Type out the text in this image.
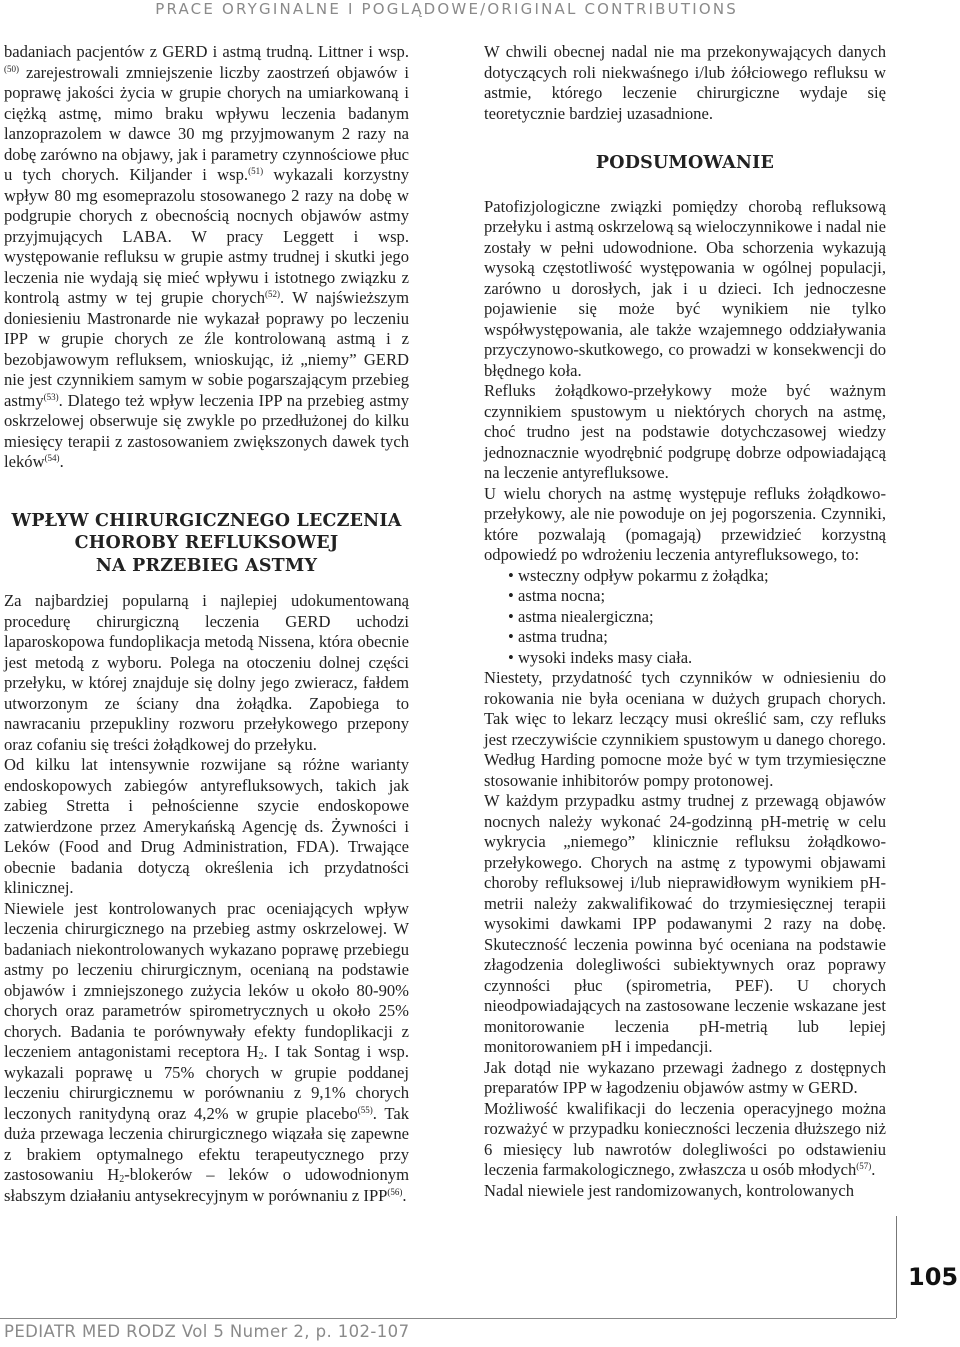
PRACE ORYGINALNE I POGLĄDOWE/ORIGINAL CONTRIBUTIONS

badaniach pacjentów z GERD i astmą trudną. Littner i wsp. $^{(50)}$ zarejestrowali zmniejszenie liczby zaostrzeń objawów i poprawę jakości życia w grupie chorych na umiarkowaną i ciężką astmę, mimo braku wpływu leczenia badanym lanzoprazolem w dawce 30 mg przyjmowanym 2 razy na dobę zarówno na objawy, jak i parametry czynnościowe płuc u tych chorych. Kiljander i wsp.$^{(51)}$ wykazali korzystny wpływ 80 mg esomeprazolu stosowanego 2 razy na dobę w podgrupie chorych z obecnością nocnych objawów astmy przyjmujących LABA. W pracy Leggett i wsp. występowanie refluksu w grupie astmy trudnej i skutki jego leczenia nie wydają się mieć wpływu i istotnego związku z kontrolą astmy w tej grupie chorych$^{(52)}$. W najświeższym doniesieniu Mastronarde nie wykazał poprawy po leczeniu IPP w grupie chorych ze źle kontrolowaną astmą i z bezobjawowym refluksem, wnioskując, iż „niemy” GERD nie jest czynnikiem samym w sobie pogarszającym przebieg astmy$^{(53)}$. Dlatego też wpływ leczenia IPP na przebieg astmy oskrzelowej obserwuje się zwykle po przedłużonej do kilku miesięcy terapii z zastosowaniem zwiększonych dawek tych leków$^{(54)}$.

WPŁYW CHIRURGICZNEGO LECZENIA
CHOROBY REFLUKSOWEJ
NA PRZEBIEG ASTMY

Za najbardziej popularną i najlepiej udokumentowaną procedurę chirurgiczną leczenia GERD uchodzi laparoskopowa fundoplikacja metodą Nissena, która obecnie jest metodą z wyboru. Polega na otoczeniu dolnej części przełyku, w której znajduje się dolny jego zwieracz, fałdem utworzonym ze ściany dna żołądka. Zapobiega to nawracaniu przepukliny rozworu przełykowego przepony oraz cofaniu się treści żołądkowej do przełyku.

Od kilku lat intensywnie rozwijane są różne warianty endoskopowych zabiegów antyrefluksowych, takich jak zabieg Stretta i pełnościenne szycie endoskopowe zatwierdzone przez Amerykańską Agencję ds. Żywności i Leków (Food and Drug Administration, FDA). Trwające obecnie badania dotyczą określenia ich przydatności klinicznej.

Niewiele jest kontrolowanych prac oceniających wpływ leczenia chirurgicznego na przebieg astmy oskrzelowej. W badaniach niekontrolowanych wykazano poprawę przebiegu astmy po leczeniu chirurgicznym, ocenianą na podstawie objawów i zmniejszonego zużycia leków u około 80-90% chorych oraz parametrów spirometrycznych u około 25% chorych. Badania te porównywały efekty fundoplikacji z leczeniem antagonistami receptora $H_2$. I tak Sontag i wsp. wykazali poprawę u 75% chorych w grupie poddanej leczeniu chirurgicznemu w porównaniu z 9,1% chorych leczonych ranitydyną oraz 4,2% w grupie placebo$^{(55)}$. Tak duża przewaga leczenia chirurgicznego wiązała się zapewne z brakiem optymalnego efektu terapeutycznego przy zastosowaniu $H_2$-blokerów – leków o udowodnionym słabszym działaniu antysekrecyjnym w porównaniu z IPP$^{(56)}$.

W chwili obecnej nadal nie ma przekonywających danych dotyczących roli niekwaśnego i/lub żółciowego refluksu w astmie, którego leczenie chirurgiczne wydaje się teoretycznie bardziej uzasadnione.

PODSUMOWANIE

Patofizjologiczne związki pomiędzy chorobą refluksową przełyku i astmą oskrzelową są wieloczynnikowe i nadal nie zostały w pełni udowodnione. Oba schorzenia wykazują wysoką częstotliwość występowania w ogólnej populacji, zarówno u dorosłych, jak i u dzieci. Ich jednoczesne pojawienie się może być wynikiem nie tylko współwystępowania, ale także wzajemnego oddziaływania przyczynowo-skutkowego, co prowadzi w konsekwencji do błędnego koła.

Refluks żołądkowo-przełykowy może być ważnym czynnikiem spustowym u niektórych chorych na astmę, choć trudno jest na podstawie dotychczasowej wiedzy jednoznacznie wyodrębnić podgrupę dobrze odpowiadającą na leczenie antyrefluksowe.

U wielu chorych na astmę występuje refluks żołądkowo-przełykowy, ale nie powoduje on jej pogorszenia. Czynniki, które pozwalają (pomagają) przewidzieć korzystną odpowiedź po wdrożeniu leczenia antyrefluksowego, to:

• wsteczny odpływ pokarmu z żołądka;
• astma nocna;
• astma niealergiczna;
• astma trudna;
• wysoki indeks masy ciała.

Niestety, przydatność tych czynników w odniesieniu do rokowania nie była oceniana w dużych grupach chorych. Tak więc to lekarz leczący musi określić sam, czy refluks jest rzeczywiście czynnikiem spustowym u danego chorego. Według Harding pomocne może być w tym trzymiesięczne stosowanie inhibitorów pompy protonowej.

W każdym przypadku astmy trudnej z przewagą objawów nocnych należy wykonać 24-godzinną pH-metrię w celu wykrycia „niemego” klinicznie refluksu żołądkowo-przełykowego. Chorych na astmę z typowymi objawami choroby refluksowej i/lub nieprawidłowym wynikiem pH-metrii należy zakwalifikować do trzymiesięcznej terapii wysokimi dawkami IPP podawanymi 2 razy na dobę. Skuteczność leczenia powinna być oceniana na podstawie złagodzenia dolegliwości subiektywnych oraz poprawy czynności płuc (spirometria, PEF). U chorych nieodpowiadających na zastosowane leczenie wskazane jest monitorowanie leczenia pH-metrią lub lepiej monitorowaniem pH i impedancji.

Jak dotąd nie wykazano przewagi żadnego z dostępnych preparatów IPP w łagodzeniu objawów astmy w GERD.

Możliwość kwalifikacji do leczenia operacyjnego można rozważyć w przypadku konieczności leczenia dłuższego niż 6 miesięcy lub nawrotów dolegliwości po odstawieniu leczenia farmakologicznego, zwłaszcza u osób młodych$^{(57)}$.

Nadal niewiele jest randomizowanych, kontrolowanych

105
PEDIATR MED RODZ Vol 5 Numer 2, p. 102-107
